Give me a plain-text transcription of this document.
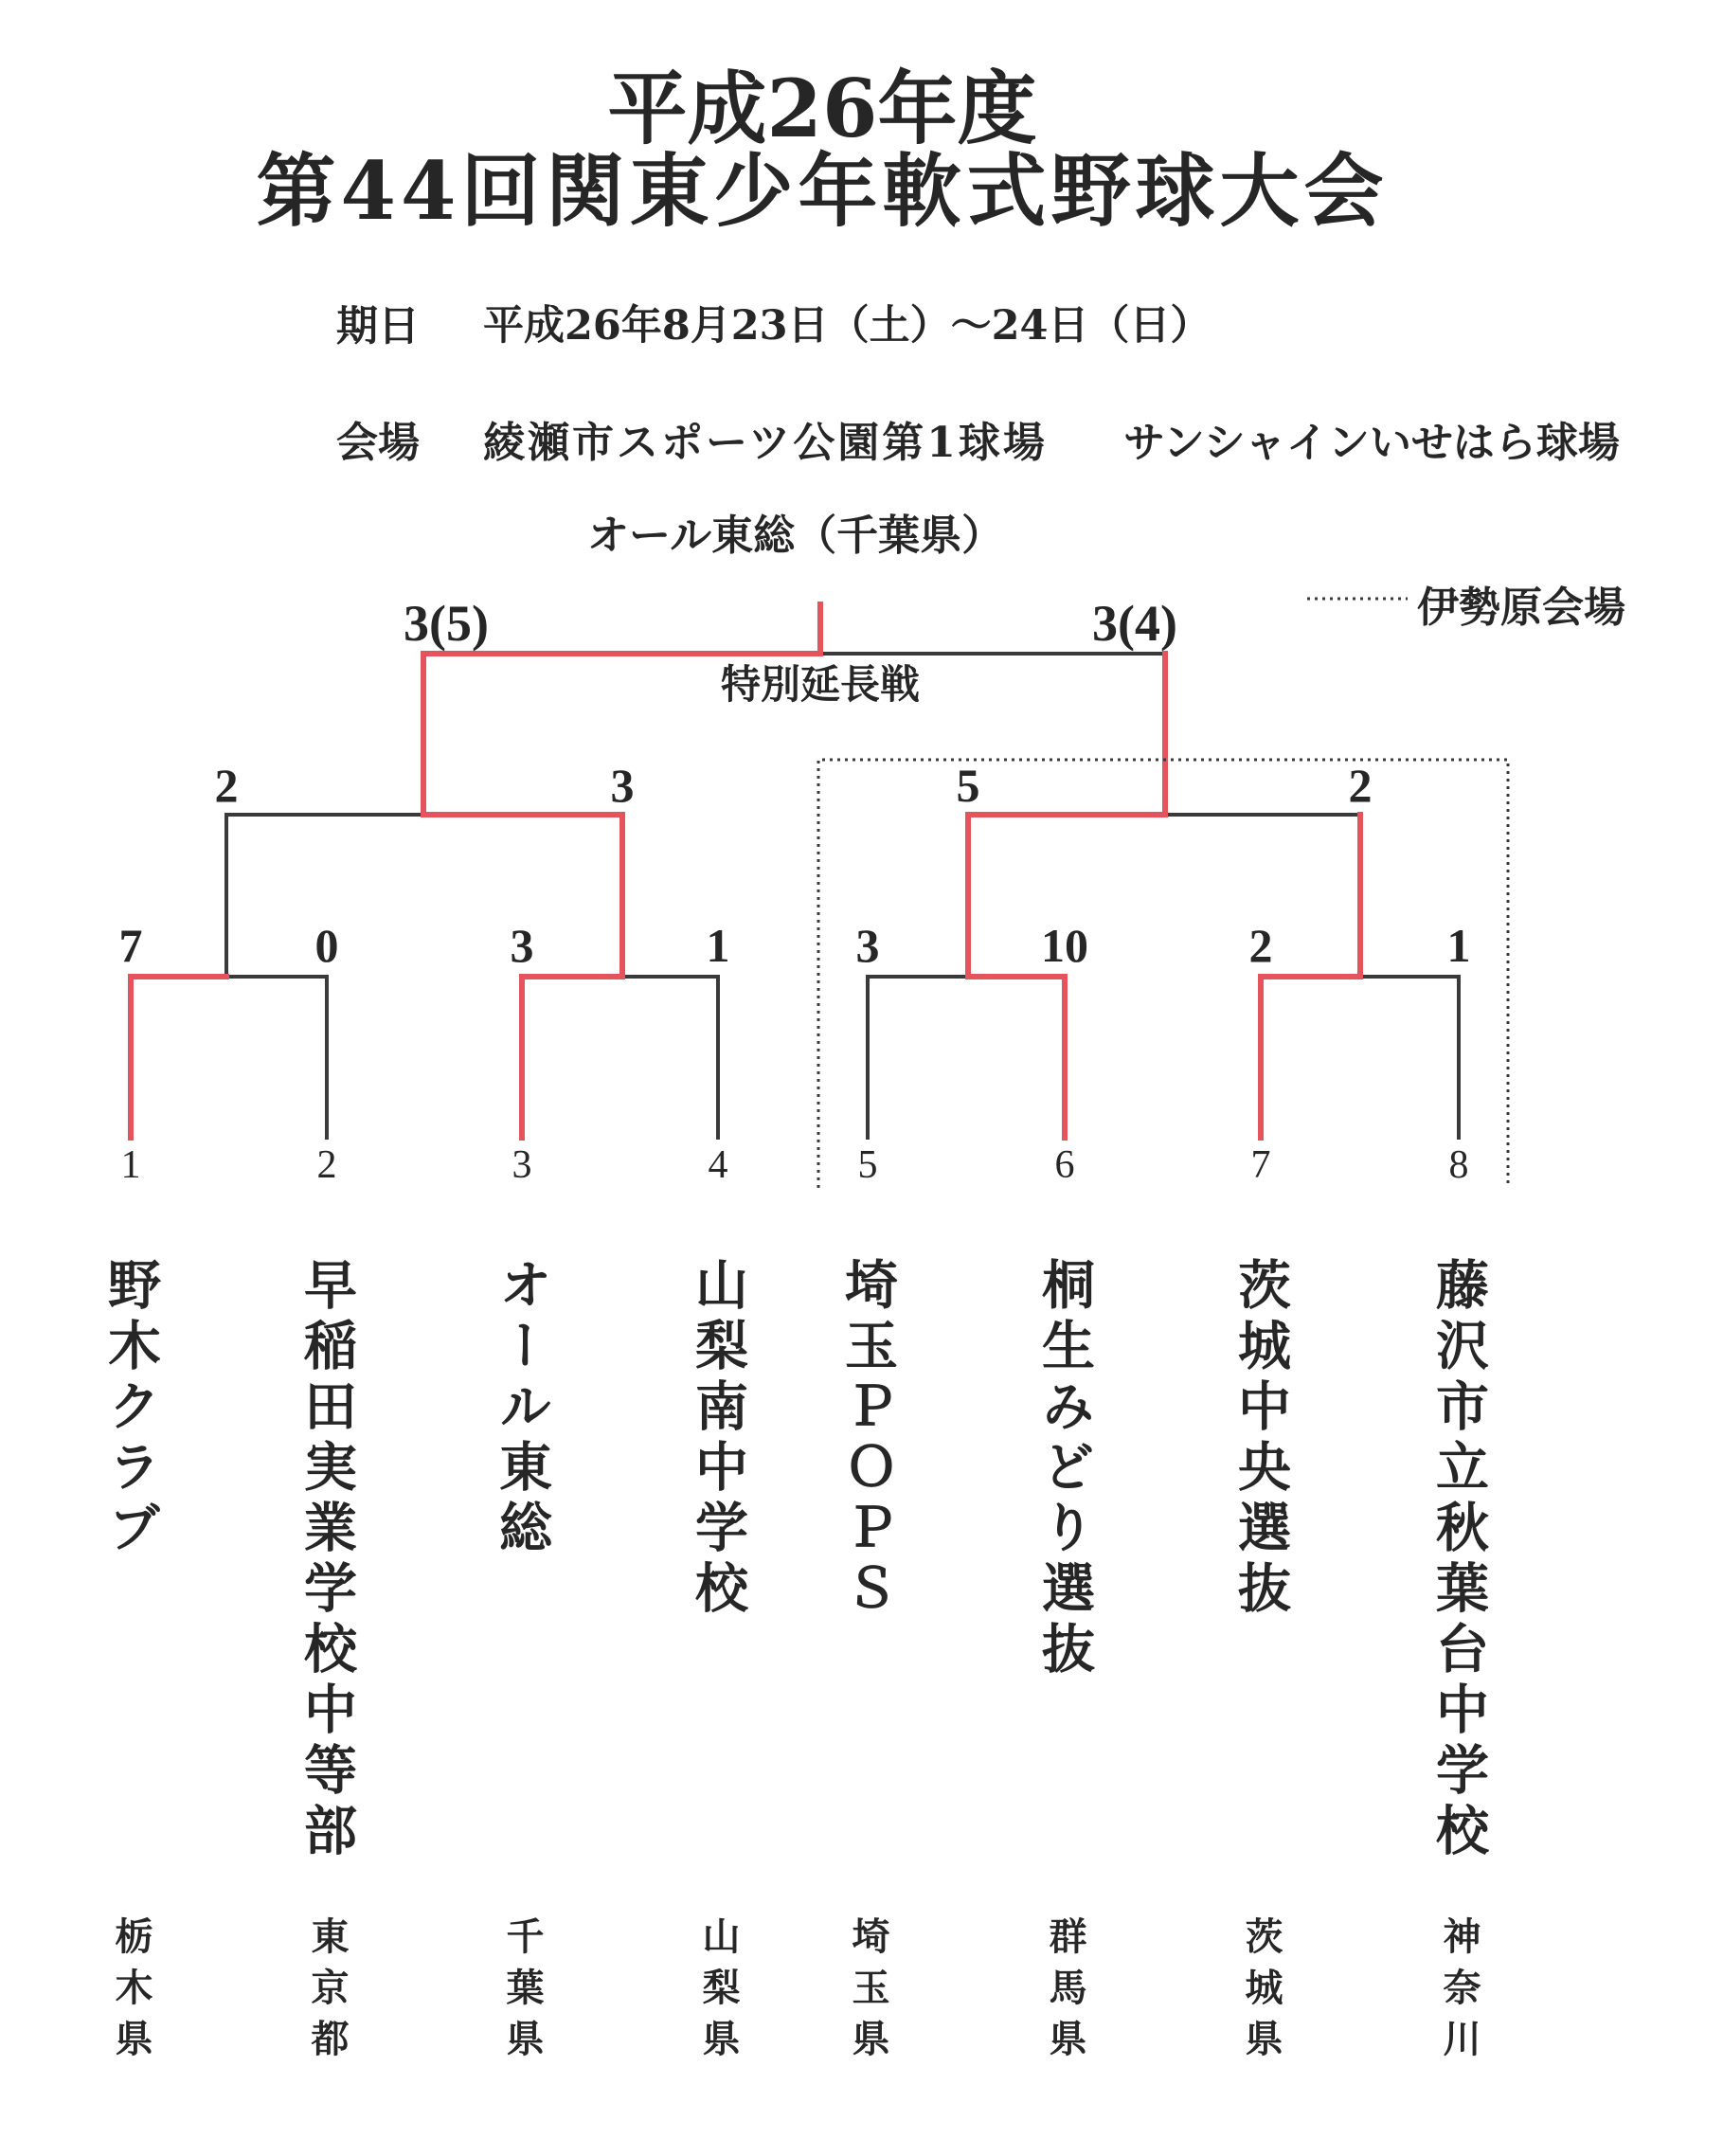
平成26年度
第44回関東少年軟式野球大会
期日 平成26年8月23日（土）～24日（日）
会場 綾瀬市スポーツ公園第1球場 サンシャインいせはら球場
オール東総（千葉県）
伊勢原会場
3(5)	3(4)
特別延長戦
2	3	5	2
7	0	3	1	3	10	2	1
1	2	3	4	5	6	7	8
野木クラブ	早稲田実業学校中等部	オール東総	山梨南中学校 埼玉ＰＯＰＳ	桐生みどり選抜	茨城中央選抜	藤沢市立秋葉台中学校
栃木県	東京都	千葉県	山梨県	埼玉県	群馬県	茨城県	神奈川
